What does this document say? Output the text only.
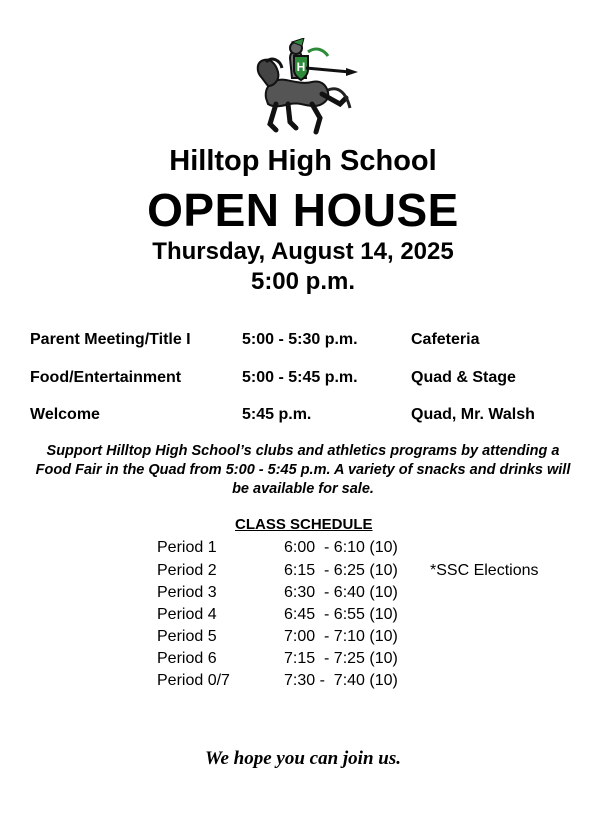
H
Hilltop High School
OPEN HOUSE
Thursday, August 14, 2025
5:00 p.m.
Parent Meeting/Title I	5:00 - 5:30 p.m.	Cafeteria
Food/Entertainment	5:00 - 5:45 p.m.	Quad & Stage
Welcome	5:45 p.m.	Quad, Mr. Walsh
Support Hilltop High School’s clubs and athletics programs by attending a Food Fair in the Quad from 5:00 - 5:45 p.m. A variety of snacks and drinks will be available for sale.
CLASS SCHEDULE
Period 1	6:00  - 6:10 (10)
Period 2	6:15  - 6:25 (10) *SSC Elections
Period 3	6:30  - 6:40 (10)
Period 4	6:45  - 6:55 (10)
Period 5	7:00  - 7:10 (10)
Period 6	7:15  - 7:25 (10)
Period 0/7	7:30 -  7:40 (10)
We hope you can join us.
